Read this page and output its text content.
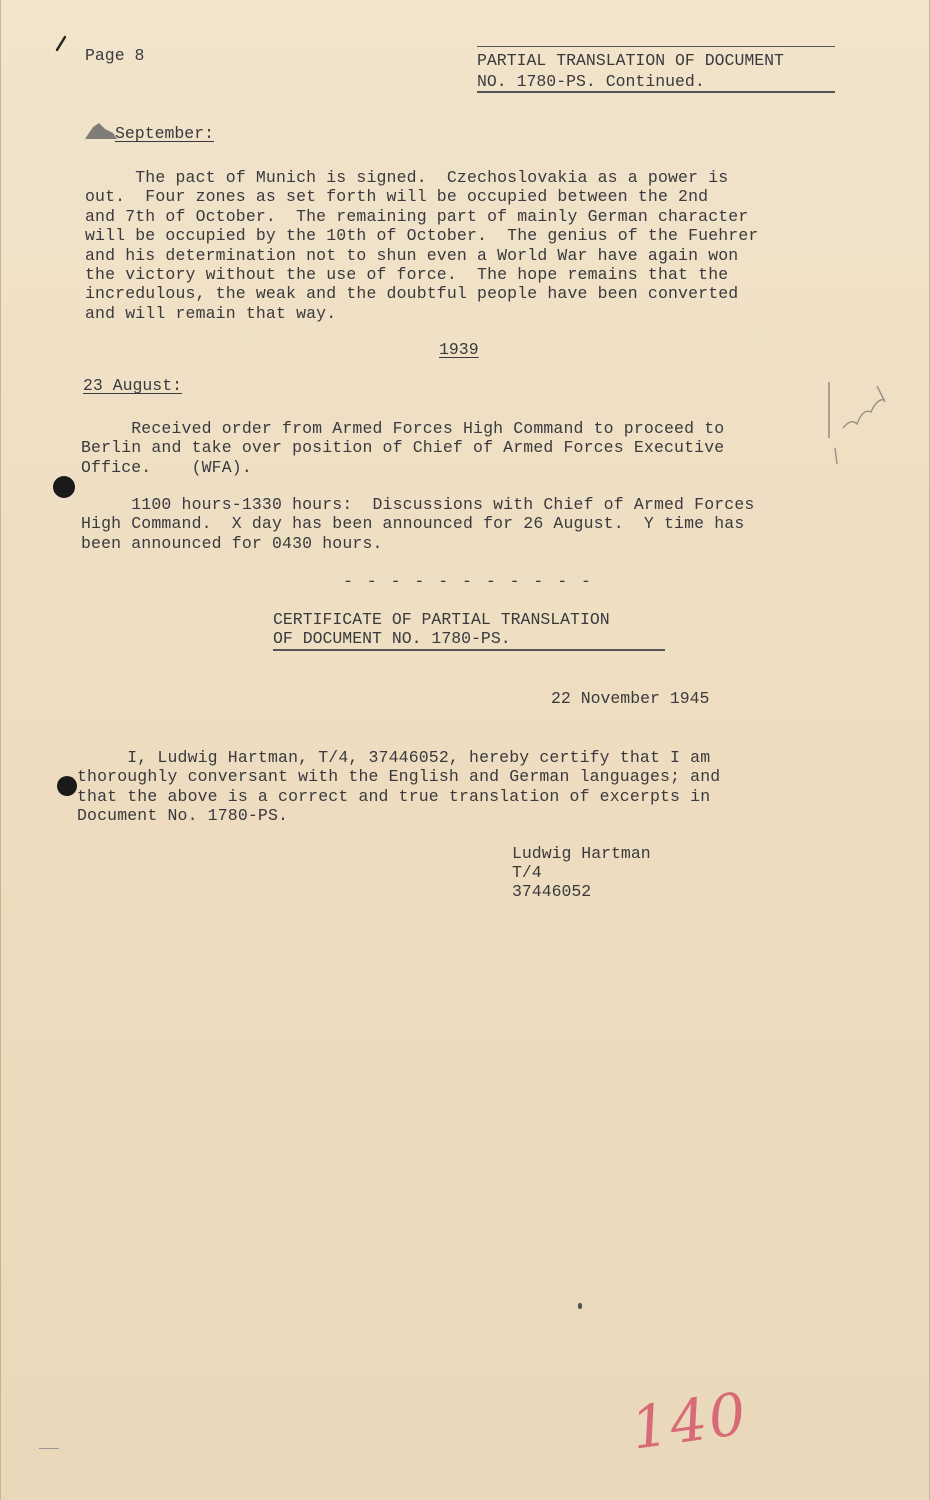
Page 8	PARTIAL TRANSLATION OF DOCUMENT
NO. 1780-PS. Continued.
September:
The pact of Munich is signed.  Czechoslovakia as a power is
out.  Four zones as set forth will be occupied between the 2nd
and 7th of October.  The remaining part of mainly German character
will be occupied by the 10th of October.  The genius of the Fuehrer
and his determination not to shun even a World War have again won
the victory without the use of force.  The hope remains that the
incredulous, the weak and the doubtful people have been converted
and will remain that way.
1939
23 August:
Received order from Armed Forces High Command to proceed to
Berlin and take over position of Chief of Armed Forces Executive
Office.    (WFA).
1100 hours-1330 hours:  Discussions with Chief of Armed Forces
High Command.  X day has been announced for 26 August.  Y time has
been announced for 0430 hours.
- - - - - - - - - - -
CERTIFICATE OF PARTIAL TRANSLATION
OF DOCUMENT NO. 1780-PS.
22 November 1945
I, Ludwig Hartman, T/4, 37446052, hereby certify that I am
thoroughly conversant with the English and German languages; and
that the above is a correct and true translation of excerpts in
Document No. 1780-PS.
Ludwig Hartman
T/4
37446052
140
